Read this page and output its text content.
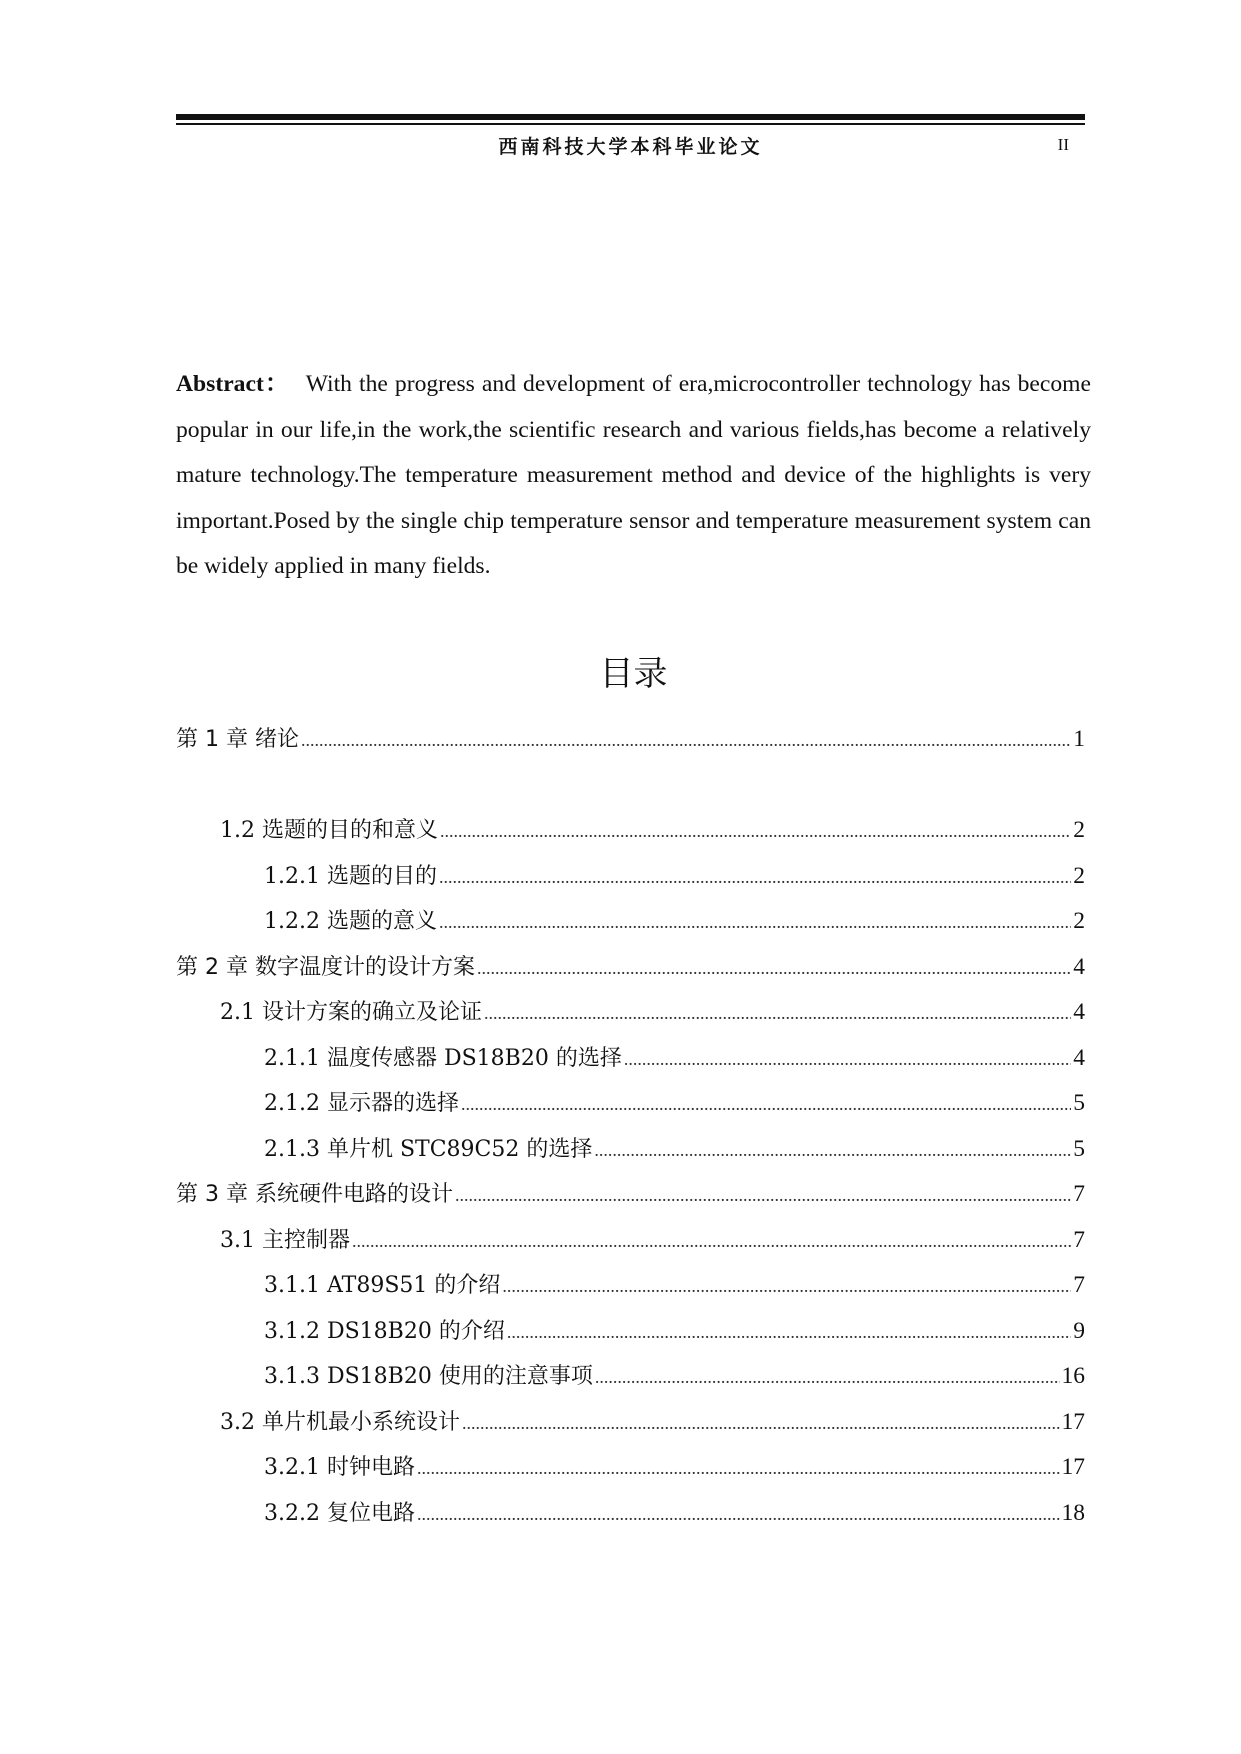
西南科技大学本科毕业论文	II
Abstract： With the progress and development of era,microcontroller technology has become popular in our life,in the work,the scientific research and various fields,has become a relatively mature technology.The temperature measurement method and device of the highlights is very important.Posed by the single chip temperature sensor and temperature measurement system can be widely applied in many fields.
目录
第 1 章 绪论 .....	1
1.2 选题的目的和意义 .....	2
1.2.1 选题的目的 .....	2
1.2.2 选题的意义 .....	2
第 2 章 数字温度计的设计方案 .....	4
2.1 设计方案的确立及论证 .....	4
2.1.1 温度传感器 DS18B20 的选择 .....	4
2.1.2 显示器的选择 .....	5
2.1.3 单片机 STC89C52 的选择 .....	5
第 3 章 系统硬件电路的设计 .....	7
3.1 主控制器 .....	7
3.1.1 AT89S51 的介绍 .....	7
3.1.2 DS18B20 的介绍 .....	9
3.1.3 DS18B20 使用的注意事项 .....	16
3.2 单片机最小系统设计 .....	17
3.2.1 时钟电路 .....	17
3.2.2 复位电路 .....	18
